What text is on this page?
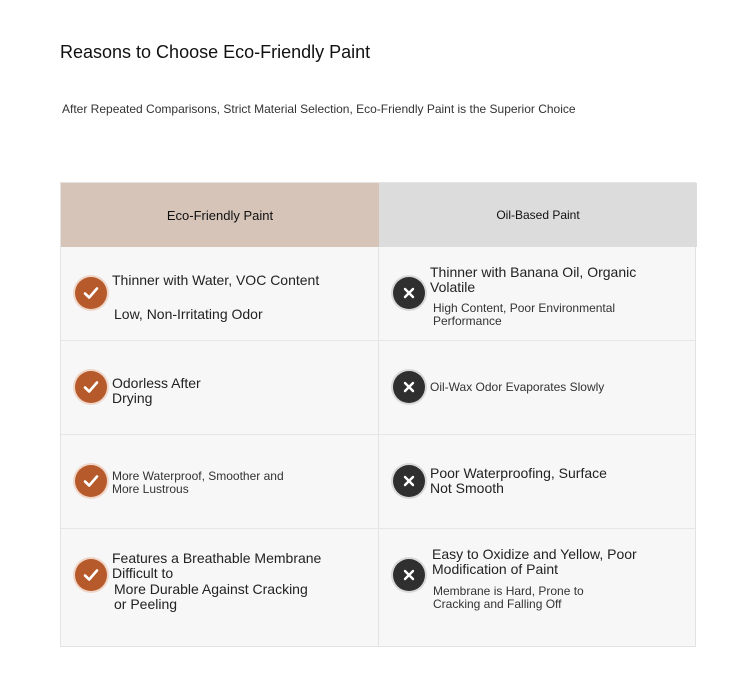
Reasons to Choose Eco-Friendly Paint
After Repeated Comparisons, Strict Material Selection, Eco-Friendly Paint is the Superior Choice
Eco-Friendly Paint	Oil-Based Paint
Thinner with Water, VOC Content
Low, Non-Irritating Odor
Thinner with Banana Oil, Organic Volatile
High Content, Poor Environmental Performance
Odorless After Drying
Oil-Wax Odor Evaporates Slowly
More Waterproof, Smoother and More Lustrous
Poor Waterproofing, Surface Not Smooth
Features a Breathable Membrane Difficult to
More Durable Against Cracking or Peeling
Easy to Oxidize and Yellow, Poor Modification of Paint
Membrane is Hard, Prone to Cracking and Falling Off
